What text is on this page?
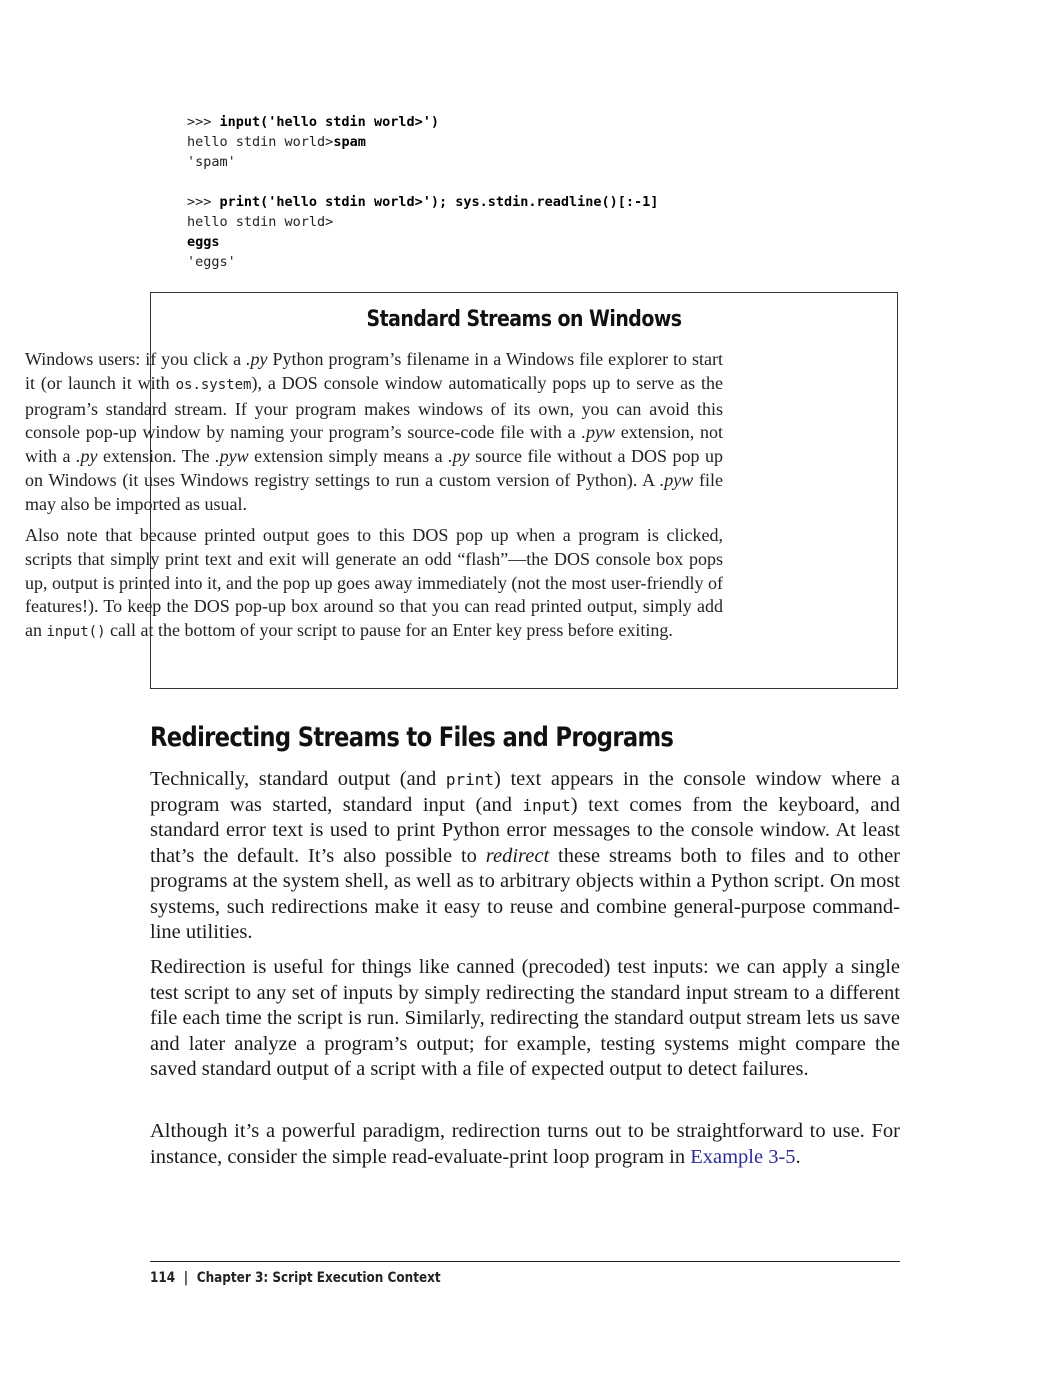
>>> input('hello stdin world>')
hello stdin world>spam
'spam'
>>> print('hello stdin world>'); sys.stdin.readline()[:-1]
hello stdin world>
eggs
'eggs'
Standard Streams on Windows

Windows users: if you click a .py Python program’s filename in a Windows file explorer to start it (or launch it with os.system), a DOS console window automatically pops up to serve as the program’s standard stream. If your program makes windows of its own, you can avoid this console pop-up window by naming your program’s source-code file with a .pyw extension, not with a .py extension. The .pyw extension simply means a .py source file without a DOS pop up on Windows (it uses Windows registry settings to run a custom version of Python). A .pyw file may also be imported as usual.

Also note that because printed output goes to this DOS pop up when a program is clicked, scripts that simply print text and exit will generate an odd “flash”—the DOS console box pops up, output is printed into it, and the pop up goes away immediately (not the most user-friendly of features!). To keep the DOS pop-up box around so that you can read printed output, simply add an input() call at the bottom of your script to pause for an Enter key press before exiting.

Redirecting Streams to Files and Programs

Technically, standard output (and print) text appears in the console window where a program was started, standard input (and input) text comes from the keyboard, and standard error text is used to print Python error messages to the console window. At least that’s the default. It’s also possible to redirect these streams both to files and to other programs at the system shell, as well as to arbitrary objects within a Python script. On most systems, such redirections make it easy to reuse and combine general-purpose command-line utilities.

Redirection is useful for things like canned (precoded) test inputs: we can apply a single test script to any set of inputs by simply redirecting the standard input stream to a different file each time the script is run. Similarly, redirecting the standard output stream lets us save and later analyze a program’s output; for example, testing systems might compare the saved standard output of a script with a file of expected output to detect failures.

Although it’s a powerful paradigm, redirection turns out to be straightforward to use. For instance, consider the simple read-evaluate-print loop program in Example 3-5.

114 | Chapter 3: Script Execution Context
